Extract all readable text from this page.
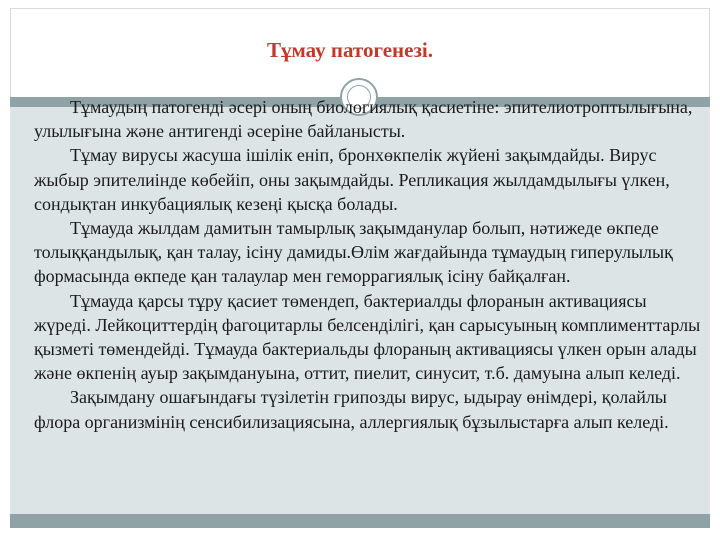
Тұмау патогенезі.

Тұмаудың патогенді әсері оның биологиялық қасиетіне: эпителиотроптылығына, улылығына және антигенді әсеріне байланысты.

Тұмау вирусы жасуша ішілік еніп, бронхөкпелік жүйені зақымдайды. Вирус жыбыр эпителиінде көбейіп, оны зақымдайды. Репликация жылдамдылығы үлкен, сондықтан инкубациялық кезеңі қысқа болады.

Тұмауда жылдам дамитын тамырлық зақымданулар болып, нәтижеде өкпеде толыққандылық, қан талау, ісіну дамиды.Өлім жағдайында тұмаудың гиперулылық формасында өкпеде қан талаулар мен геморрагиялық ісіну байқалған.

Тұмауда қарсы тұру қасиет төмендеп, бактериалды флоранын активациясы жүреді. Лейкоциттердің фагоцитарлы белсенділігі, қан сарысуының комплименттарлы қызметі төмендейді. Тұмауда бактериальды флораның активациясы үлкен орын алады және өкпенің ауыр зақымдануына, оттит, пиелит, синусит, т.б. дамуына алып келеді.

Зақымдану ошағындағы түзілетін грипозды вирус, ыдырау өнімдері, қолайлы флора организмінің сенсибилизациясына, аллергиялық бұзылыстарға алып келеді.
